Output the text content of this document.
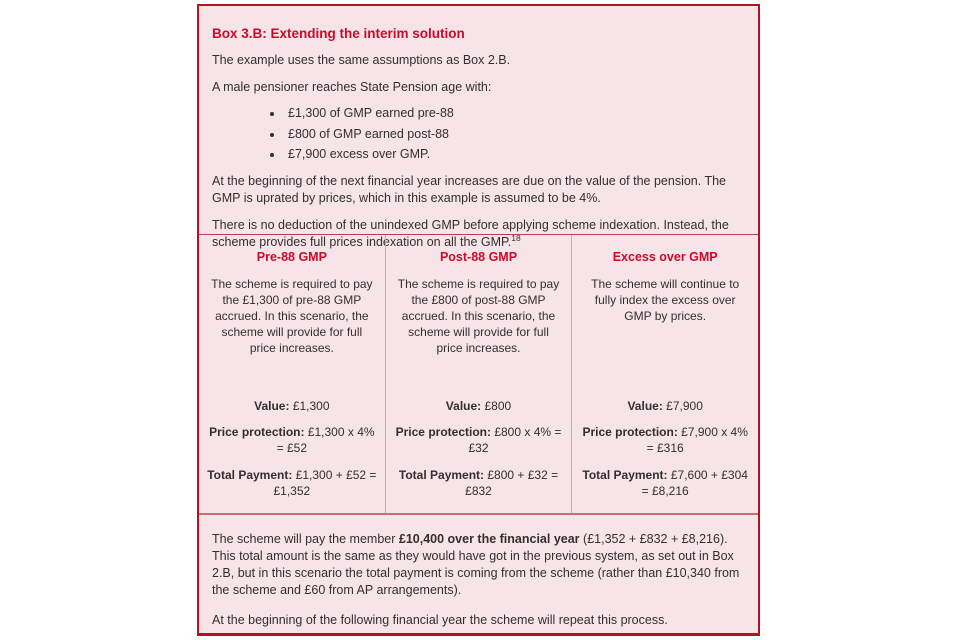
Box 3.B: Extending the interim solution

The example uses the same assumptions as Box 2.B.

A male pensioner reaches State Pension age with:

• £1,300 of GMP earned pre-88
• £800 of GMP earned post-88
• £7,900 excess over GMP.

At the beginning of the next financial year increases are due on the value of the pension. The GMP is uprated by prices, which in this example is assumed to be 4%.

There is no deduction of the unindexed GMP before applying scheme indexation. Instead, the scheme provides full prices indexation on all the GMP.$^{18}$

Pre-88 GMP

The scheme is required to pay the £1,300 of pre-88 GMP accrued. In this scenario, the scheme will provide for full price increases.
Value: £1,300
Price protection: £1,300 x 4% = £52
Total Payment: £1,300 + £52 = £1,352

Post-88 GMP

The scheme is required to pay the £800 of post-88 GMP accrued. In this scenario, the scheme will provide for full price increases.
Value: £800
Price protection: £800 x 4% = £32
Total Payment: £800 + £32 = £832

Excess over GMP

The scheme will continue to fully index the excess over GMP by prices.
Value: £7,900
Price protection: £7,900 x 4% = £316
Total Payment: £7,600 + £304 = £8,216

The scheme will pay the member £10,400 over the financial year (£1,352 + £832 + £8,216). This total amount is the same as they would have got in the previous system, as set out in Box 2.B, but in this scenario the total payment is coming from the scheme (rather than £10,340 from the scheme and £60 from AP arrangements).

At the beginning of the following financial year the scheme will repeat this process.
